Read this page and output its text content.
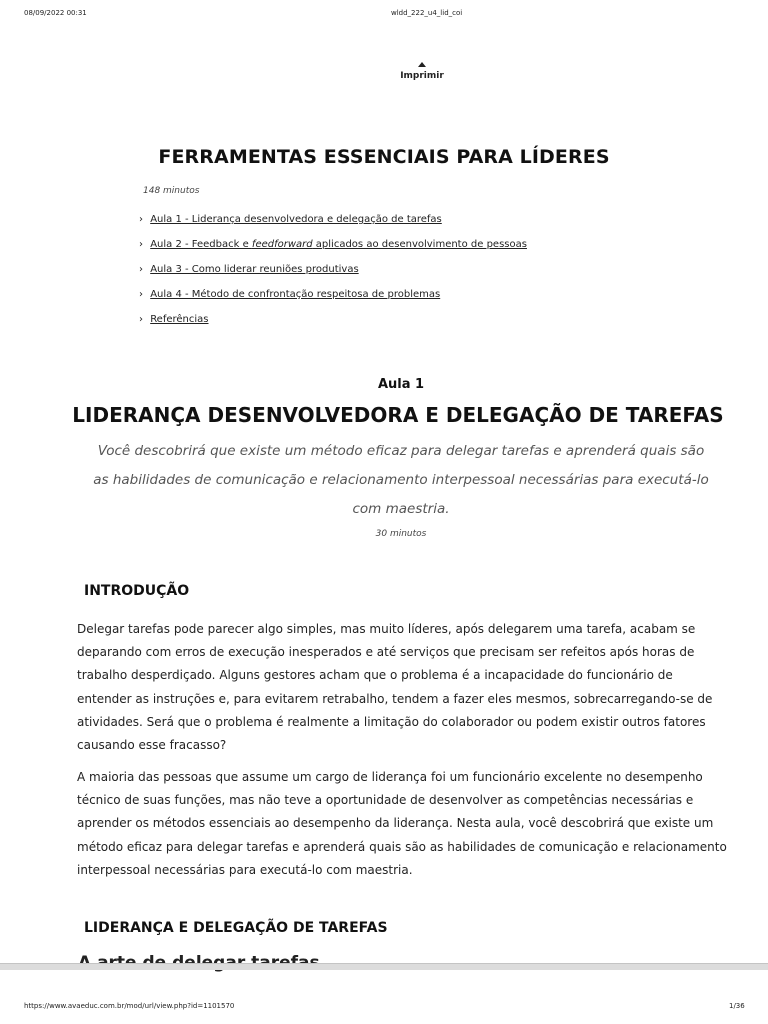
08/09/2022 00:31	wldd_222_u4_lid_coi
Imprimir
FERRAMENTAS ESSENCIAIS PARA LÍDERES
148 minutos
› Aula 1 - Liderança desenvolvedora e delegação de tarefas
› Aula 2 - Feedback e feedforward aplicados ao desenvolvimento de pessoas
› Aula 3 - Como liderar reuniões produtivas
› Aula 4 - Método de confrontação respeitosa de problemas
› Referências
Aula 1
LIDERANÇA DESENVOLVEDORA E DELEGAÇÃO DE TAREFAS
Você descobrirá que existe um método eficaz para delegar tarefas e aprenderá quais são as habilidades de comunicação e relacionamento interpessoal necessárias para executá-lo com maestria.
30 minutos
INTRODUÇÃO

Delegar tarefas pode parecer algo simples, mas muito líderes, após delegarem uma tarefa, acabam se deparando com erros de execução inesperados e até serviços que precisam ser refeitos após horas de trabalho desperdiçado. Alguns gestores acham que o problema é a incapacidade do funcionário de entender as instruções e, para evitarem retrabalho, tendem a fazer eles mesmos, sobrecarregando-se de atividades. Será que o problema é realmente a limitação do colaborador ou podem existir outros fatores causando esse fracasso?

A maioria das pessoas que assume um cargo de liderança foi um funcionário excelente no desempenho técnico de suas funções, mas não teve a oportunidade de desenvolver as competências necessárias e aprender os métodos essenciais ao desempenho da liderança. Nesta aula, você descobrirá que existe um método eficaz para delegar tarefas e aprenderá quais são as habilidades de comunicação e relacionamento interpessoal necessárias para executá-lo com maestria.

LIDERANÇA E DELEGAÇÃO DE TAREFAS
https://www.avaeduc.com.br/mod/url/view.php?id=1101570	1/36
